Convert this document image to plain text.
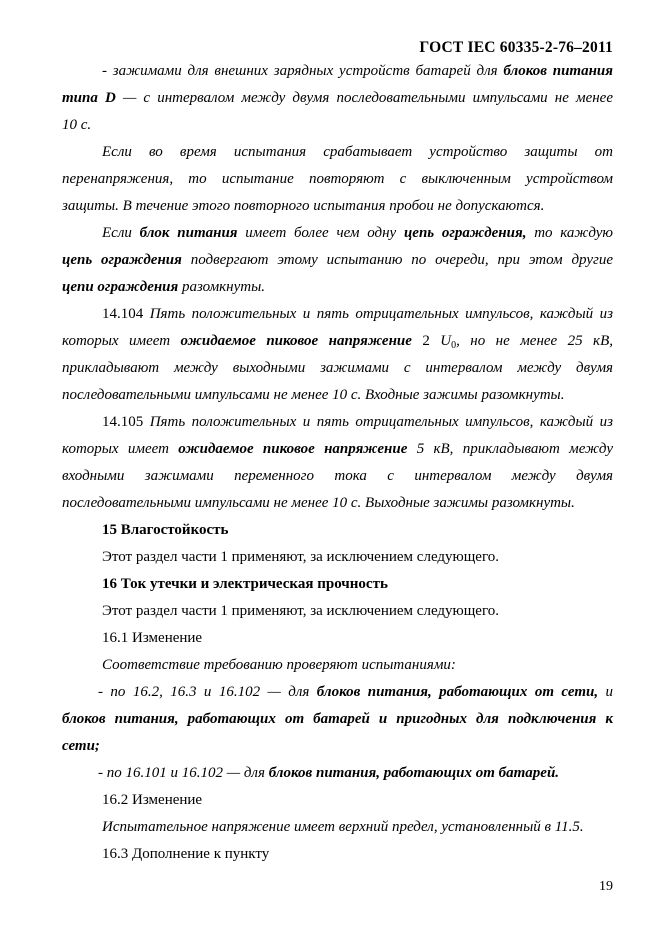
ГОСТ IEC 60335-2-76–2011
- зажимами для внешних зарядных устройств батарей для блоков питания
типа D — с интервалом между двумя последовательными импульсами не менее
10 с.
Если во время испытания срабатывает устройство защиты от
перенапряжения, то испытание повторяют с выключенным устройством
защиты. В течение этого повторного испытания пробои не допускаются.
Если блок питания имеет более чем одну цепь ограждения, то каждую
цепь ограждения подвергают этому испытанию по очереди, при этом другие
цепи ограждения разомкнуты.
14.104 Пять положительных и пять отрицательных импульсов, каждый из
которых имеет ожидаемое пиковое напряжение 2 $U_0$, но не менее 25 кВ,
прикладывают между выходными зажимами с интервалом между двумя
последовательными импульсами не менее 10 с. Входные зажимы разомкнуты.
14.105 Пять положительных и пять отрицательных импульсов, каждый из
которых имеет ожидаемое пиковое напряжение 5 кВ, прикладывают между
входными зажимами переменного тока с интервалом между двумя
последовательными импульсами не менее 10 с. Выходные зажимы разомкнуты.
15 Влагостойкость
Этот раздел части 1 применяют, за исключением следующего.
16 Ток утечки и электрическая прочность
Этот раздел части 1 применяют, за исключением следующего.
16.1 Изменение
Соответствие требованию проверяют испытаниями:
- по 16.2, 16.3 и 16.102 — для блоков питания, работающих от сети, и
блоков питания, работающих от батарей и пригодных для подключения к
сети;
- по 16.101 и 16.102 — для блоков питания, работающих от батарей.
16.2 Изменение
Испытательное напряжение имеет верхний предел, установленный в 11.5.
16.3 Дополнение к пункту
19
